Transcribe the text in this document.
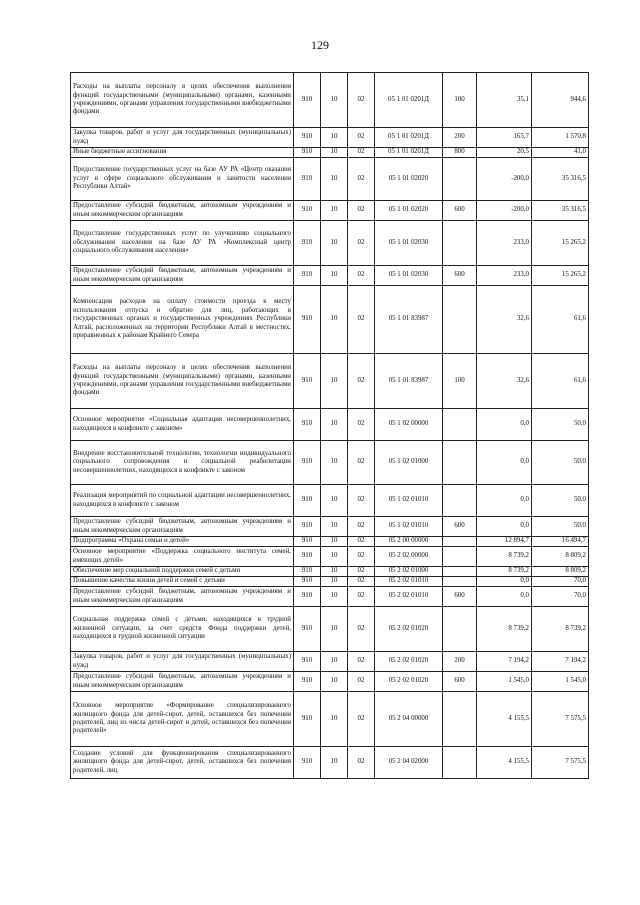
129
Расходы на выплаты персоналу в целях обеспечения выполнения функций государственными (муниципальными) органами, казенными учреждениями, органами управления государственными внебюджетными фондами	910	10	02	05 1 01 0201Д	100	35,1	944,6
Закупка товаров, работ и услуг для государственных (муниципальных) нужд	910	10	02	05 1 01 0201Д	200	165,7	1 570,8
Иные бюджетные ассигнования	910	10	02	05 1 01 0201Д	800	20,5	41,0
Предоставление государственных услуг на базе АУ РА «Центр оказания услуг в сфере социального обслуживания и занятости населения Республики Алтай»	910	10	02	05 1 01 02020		-200,0	35 316,5
Предоставление субсидий бюджетным, автономным учреждениям и иным некоммерческим организациям	910	10	02	05 1 01 02020	600	-200,0	35 316,5
Предоставление государственных услуг по улучшению социального обслуживания населения на базе АУ РА «Комплексный центр социального обслуживания населения»	910	10	02	05 1 01 02030		233,0	15 265,2
Предоставление субсидий бюджетным, автономным учреждениям и иным некоммерческим организациям	910	10	02	05 1 01 02030	600	233,0	15 265,2
Компенсация расходов на оплату стоимости проезда к месту использования отпуска и обратно для лиц, работающих в государственных органах и государственных учреждениях Республики Алтай, расположенных на территории Республики Алтай в местностях, приравненных к районам Крайнего Севера	910	10	02	05 1 01 83987		32,6	61,6
Расходы на выплаты персоналу в целях обеспечения выполнения функций государственными (муниципальными) органами, казенными учреждениями, органами управления государственными внебюджетными фондами	910	10	02	05 1 01 83987	100	32,6	61,6
Основное мероприятие «Социальная адаптация несовершеннолетних, находящихся в конфликте с законом»	910	10	02	05 1 02 00000		0,0	50,0
Внедрение восстановительной технологии, технологии индивидуального социального сопровождения и социальной реабилитации несовершеннолетних, находящихся в конфликте с законом	910	10	02	05 1 02 01000		0,0	50,0
Реализация мероприятий по социальной адаптации несовершеннолетних, находящихся в конфликте с законом	910	10	02	05 1 02 01010		0,0	50,0
Предоставление субсидий бюджетным, автономным учреждениям и иным некоммерческим организациям	910	10	02	05 1 02 01010	600	0,0	50,0
Подпрограмма «Охрана семьи и детей»	910	10	02	05 2 00 00000		12 894,7	16 494,7
Основное мероприятие «Поддержка социального института семей, имеющих детей»	910	10	02	05 2 02 00000		8 739,2	8 809,2
Обеспечение мер социальной поддержки семей с детьми	910	10	02	05 2 02 01000		8 739,2	8 809,2
Повышение качества жизни детей и семей с детьми	910	10	02	05 2 02 01010		0,0	70,0
Предоставление субсидий бюджетным, автономным учреждениям и иным некоммерческим организациям	910	10	02	05 2 02 01010	600	0,0	70,0
Социальная поддержка семей с детьми, находящихся в трудной жизненной ситуации, за счет средств Фонда поддержки детей, находящихся в трудной жизненной ситуации	910	10	02	05 2 02 01020		8 739,2	8 739,2
Закупка товаров, работ и услуг для государственных (муниципальных) нужд	910	10	02	05 2 02 01020	200	7 194,2	7 194,2
Предоставление субсидий бюджетным, автономным учреждениям и иным некоммерческим организациям	910	10	02	05 2 02 01020	600	1 545,0	1 545,0
Основное мероприятие «Формирование специализированного жилищного фонда для детей-сирот, детей, оставшихся без попечения родителей, лиц из числа детей-сирот и детей, оставшихся без попечения родителей»	910	10	02	05 2 04 00000		4 155,5	7 575,5
Создание условий для функционирования специализированного жилищного фонда для детей-сирот, детей, оставшихся без попечения родителей, лиц	910	10	02	05 2 04 02000		4 155,5	7 575,5
